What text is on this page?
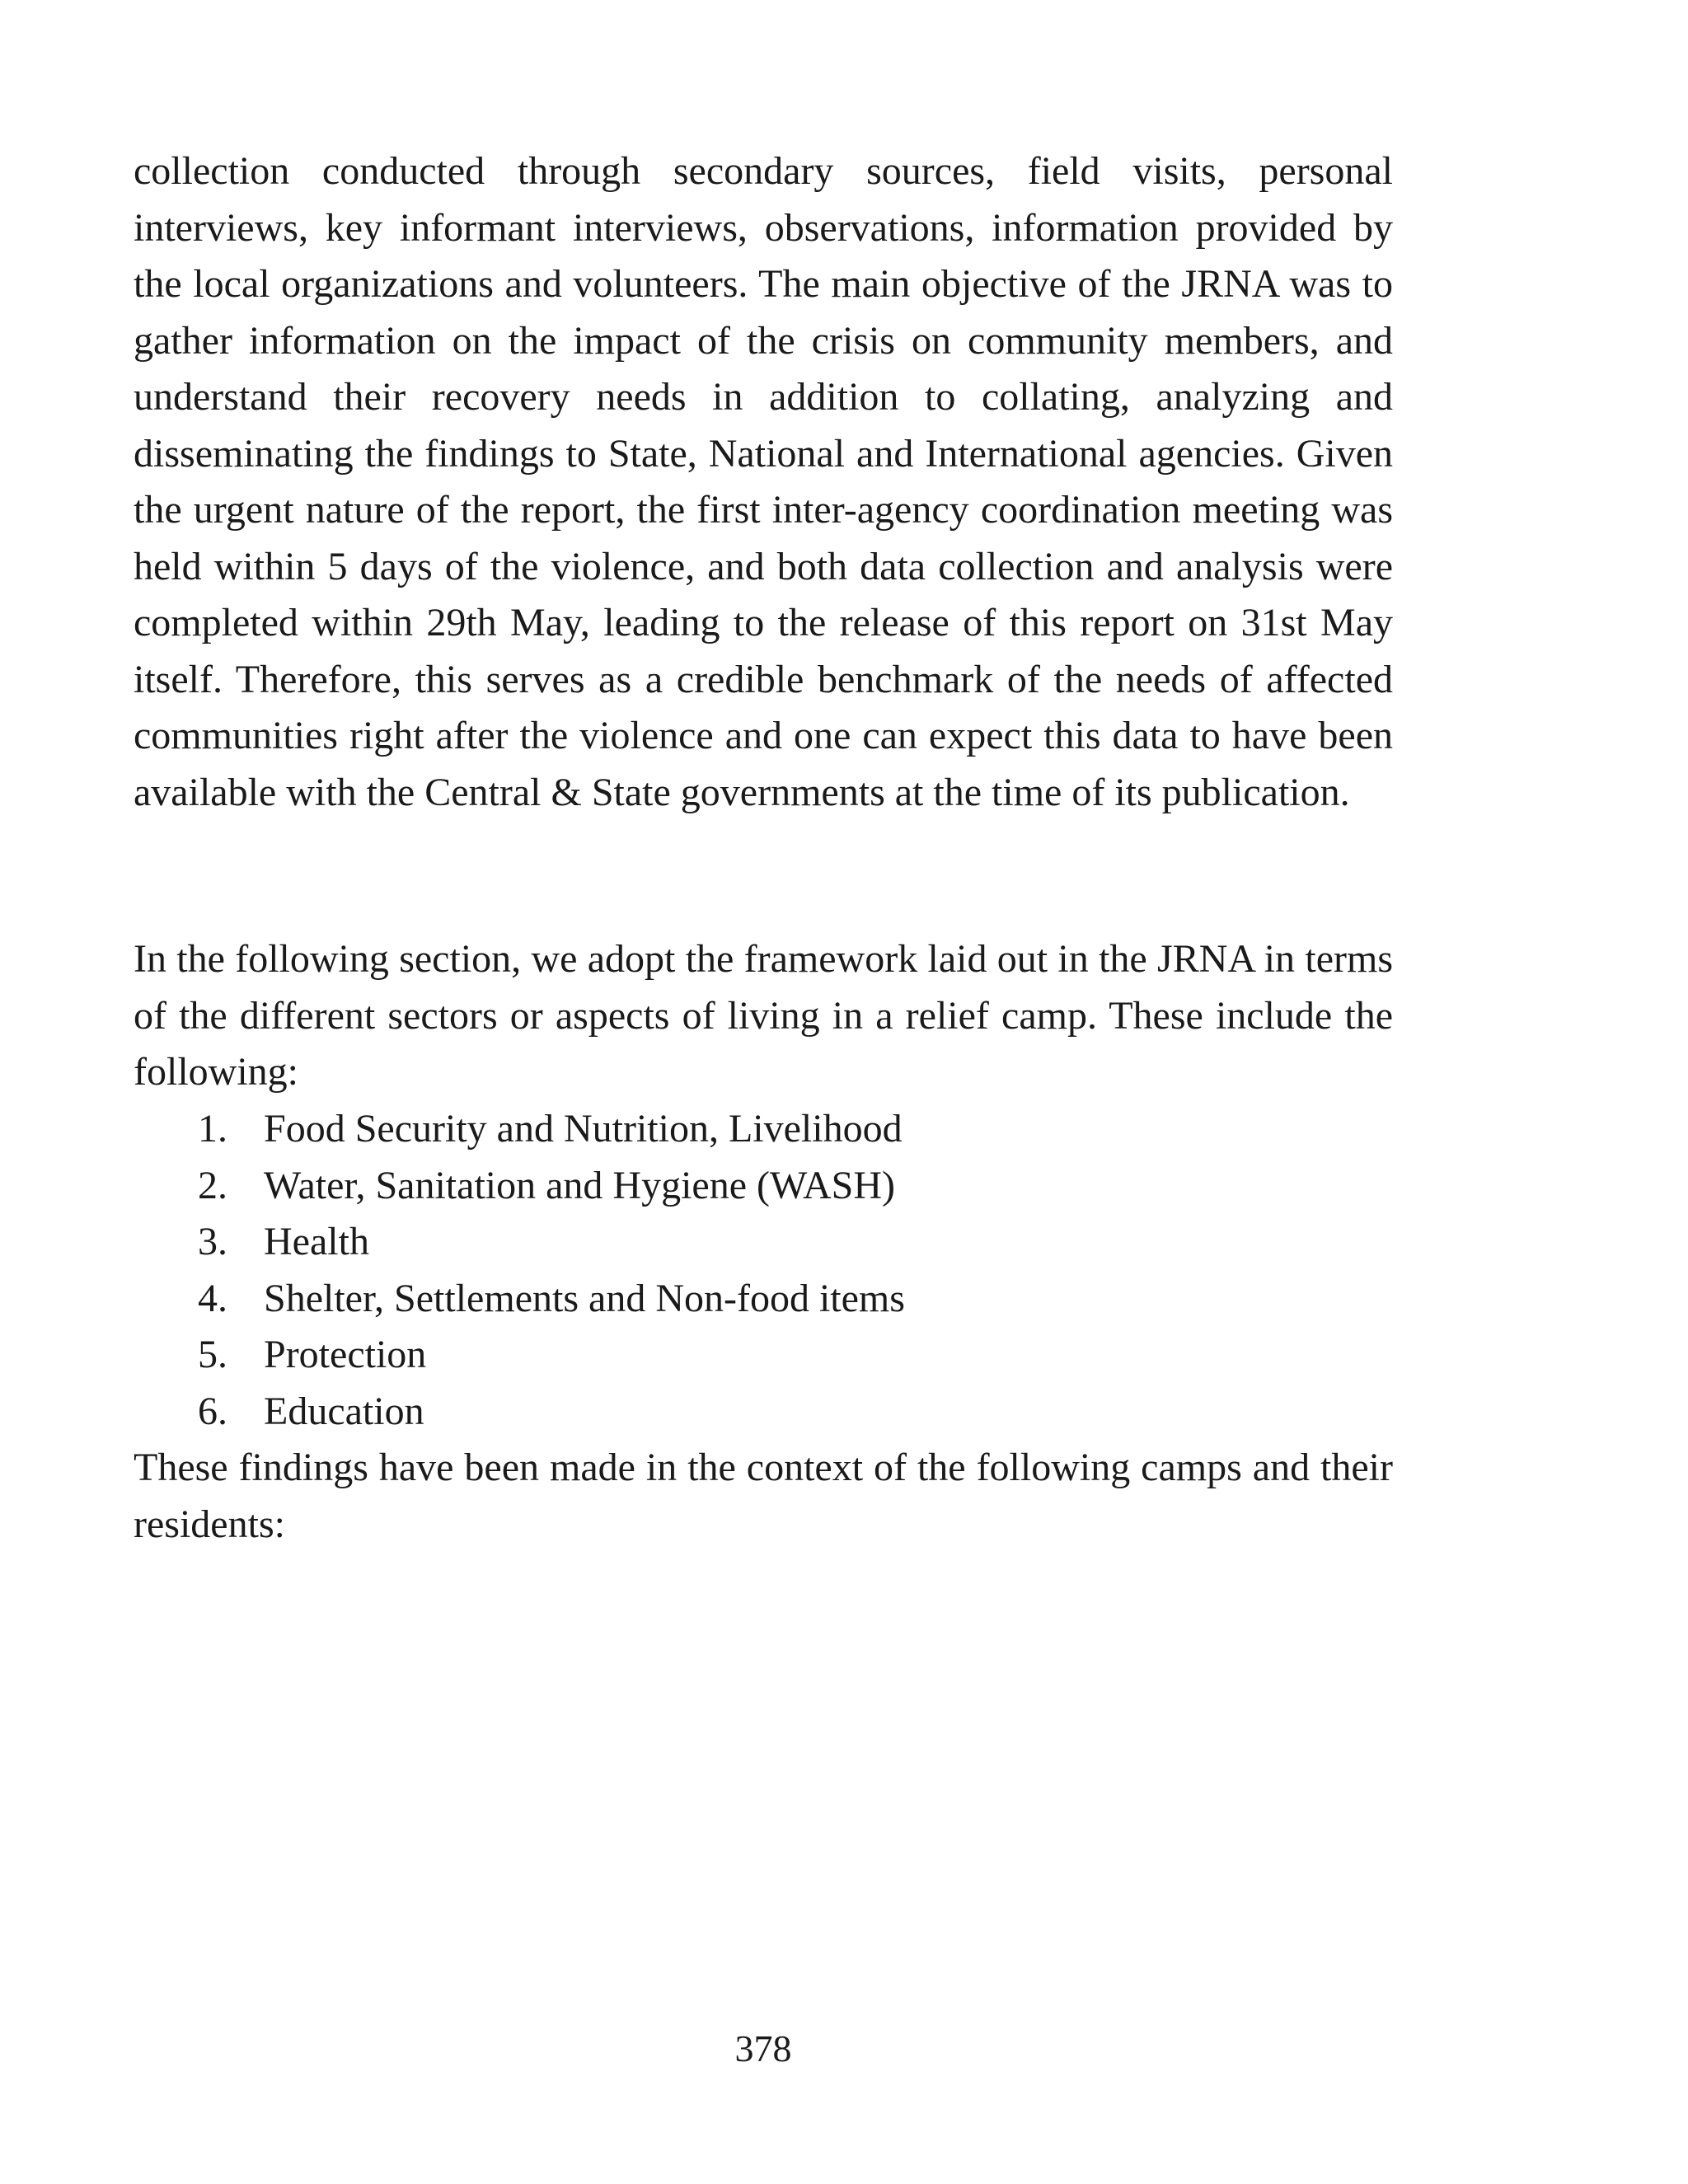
collection conducted through secondary sources, field visits, personal interviews, key informant interviews, observations, information provided by the local organizations and volunteers. The main objective of the JRNA was to gather information on the impact of the crisis on community members, and understand their recovery needs in addition to collating, analyzing and disseminating the findings to State, National and International agencies. Given the urgent nature of the report, the first inter-agency coordination meeting was held within 5 days of the violence, and both data collection and analysis were completed within 29th May, leading to the release of this report on 31st May itself. Therefore, this serves as a credible benchmark of the needs of affected communities right after the violence and one can expect this data to have been available with the Central & State governments at the time of its publication.

In the following section, we adopt the framework laid out in the JRNA in terms of the different sectors or aspects of living in a relief camp. These include the following:

1. Food Security and Nutrition, Livelihood
2. Water, Sanitation and Hygiene (WASH)
3. Health
4. Shelter, Settlements and Non-food items
5. Protection
6. Education

These findings have been made in the context of the following camps and their residents:

378
